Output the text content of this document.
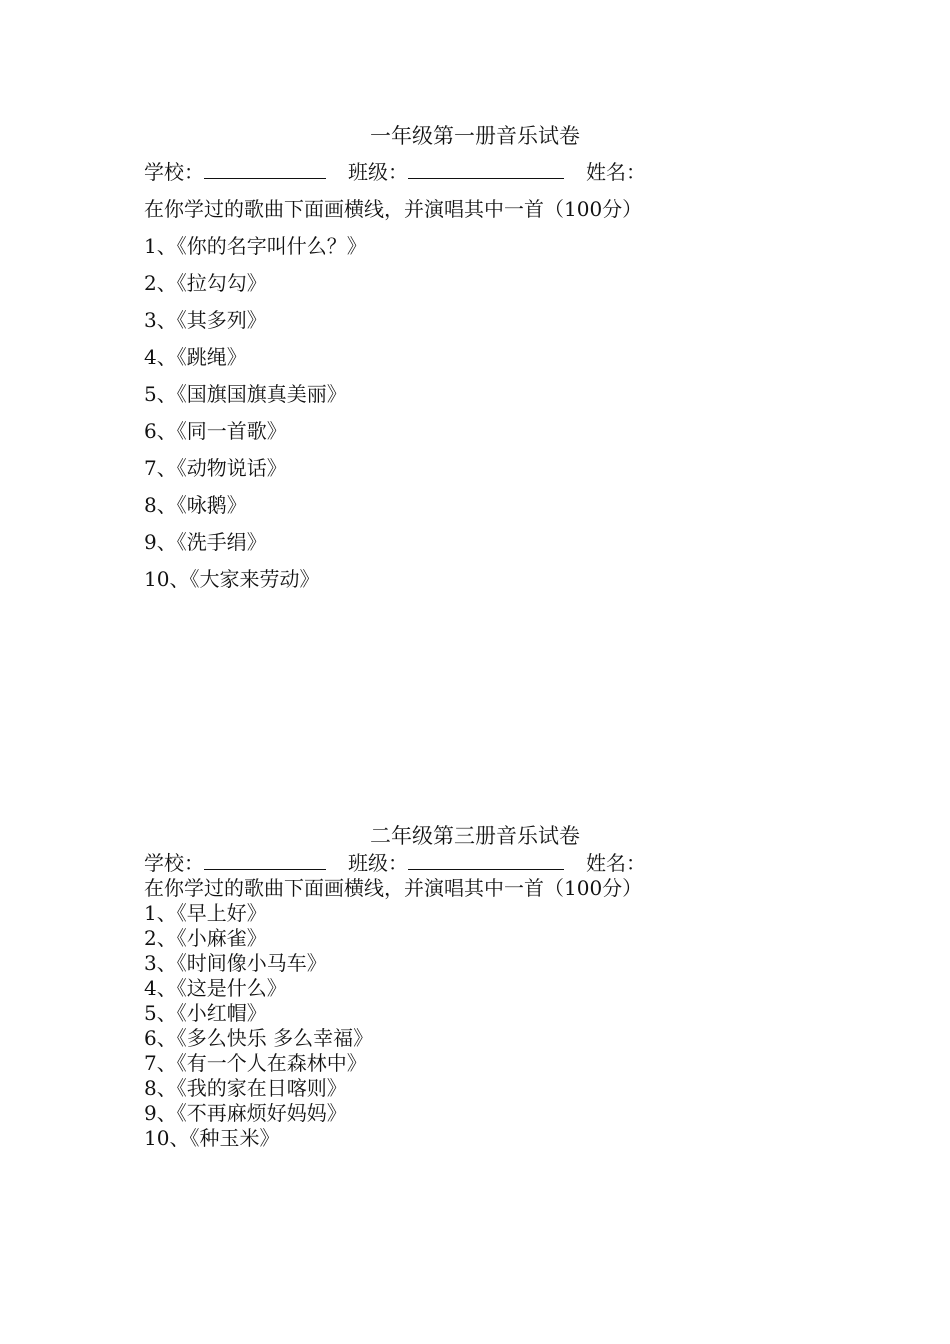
一年级第一册音乐试卷
学校：	班级：	姓名：
在你学过的歌曲下面画横线，并演唱其中一首（100分）
1、《你的名字叫什么？》
2、《拉勾勾》
3、《其多列》
4、《跳绳》
5、《国旗国旗真美丽》
6、《同一首歌》
7、《动物说话》
8、《咏鹅》
9、《洗手绢》
10、《大家来劳动》
二年级第三册音乐试卷
学校：	班级：	姓名：
在你学过的歌曲下面画横线，并演唱其中一首（100分）
1、《早上好》
2、《小麻雀》
3、《时间像小马车》
4、《这是什么》
5、《小红帽》
6、《多么快乐 多么幸福》
7、《有一个人在森林中》
8、《我的家在日喀则》
9、《不再麻烦好妈妈》
10、《种玉米》
